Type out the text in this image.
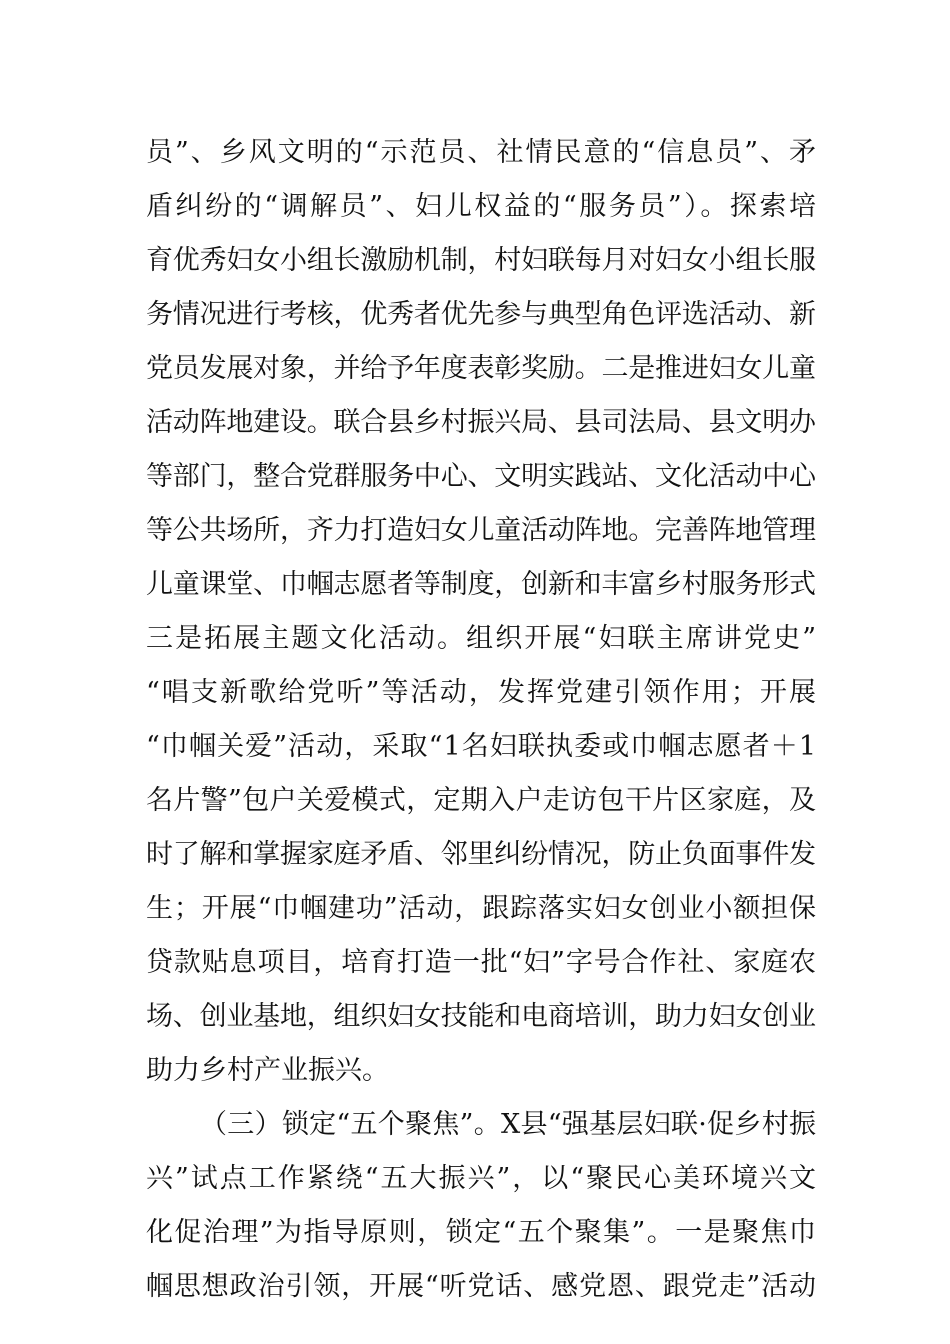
员”、乡风文明的“示范员、社情民意的“信息员”、矛
盾纠纷的“调解员”、妇儿权益的“服务员”）。探索培
育优秀妇女小组长激励机制，村妇联每月对妇女小组长服
务情况进行考核，优秀者优先参与典型角色评选活动、新
党员发展对象，并给予年度表彰奖励。二是推进妇女儿童
活动阵地建设。联合县乡村振兴局、县司法局、县文明办
等部门，整合党群服务中心、文明实践站、文化活动中心
等公共场所，齐力打造妇女儿童活动阵地。完善阵地管理
儿童课堂、巾帼志愿者等制度，创新和丰富乡村服务形式
三是拓展主题文化活动。组织开展“妇联主席讲党史”
“唱支新歌给党听”等活动，发挥党建引领作用；开展
“巾帼关爱”活动，采取“1名妇联执委或巾帼志愿者＋1
名片警”包户关爱模式，定期入户走访包干片区家庭，及
时了解和掌握家庭矛盾、邻里纠纷情况，防止负面事件发
生；开展“巾帼建功”活动，跟踪落实妇女创业小额担保
贷款贴息项目，培育打造一批“妇”字号合作社、家庭农
场、创业基地，组织妇女技能和电商培训，助力妇女创业
助力乡村产业振兴。
（三）锁定“五个聚焦”。X县“强基层妇联·促乡村振
兴”试点工作紧绕“五大振兴”，以“聚民心美环境兴文
化促治理”为指导原则，锁定“五个聚集”。一是聚焦巾
帼思想政治引领，开展“听党话、感党恩、跟党走”活动
